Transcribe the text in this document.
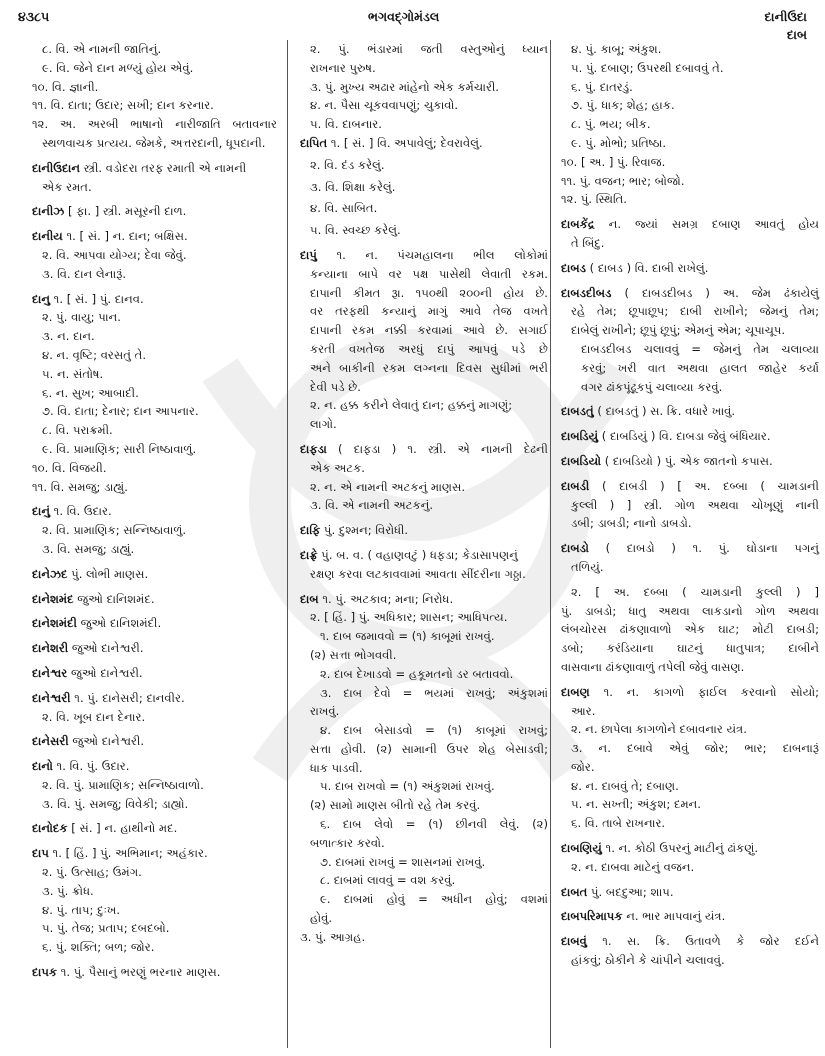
૪૩૮૫	ભગવદ્ગોમંડલ	દાનીઉદા
દાબ
૮. વિ. એ નામની જાતિનું.
૯. વિ. જેને દાન મળ્યું હોય એવું.
૧૦. વિ. જ્ઞાની.
૧૧. વિ. દાતા; ઉદાર; સખી; દાન કરનાર.
૧૨. અ. અરબી ભાષાનો નારીજાતિ બતાવનાર
સ્થળવાચક પ્રત્યય. જેમકે, અત્તરદાની, ધૂપદાની.
દાનીઉદાન સ્ત્રી. વડોદરા તરફ રમાતી એ નામની
એક રમત.
દાનીઝ [ ફા. ] સ્ત્રી. મસૂરની દાળ.
દાનીય ૧. [ સં. ] ન. દાન; બક્ષિસ.
૨. વિ. આપવા યોગ્ય; દેવા જેવું.
૩. વિ. દાન લેનારૂં.
દાનુ ૧. [ સં. ] પું. દાનવ.
૨. પું. વાયુ; પાન.
૩. ન. દાન.
૪. ન. વૃષ્ટિ; વરસતું તે.
૫. ન. સંતોષ.
૬. ન. સુખ; આબાદી.
૭. વિ. દાતા; દેનાર; દાન આપનાર.
૮. વિ. પરાક્રમી.
૯. વિ. પ્રામાણિક; સારી નિષ્ઠાવાળું.
૧૦. વિ. વિજયી.
૧૧. વિ. સમજુ; ડાહ્યું.
દાનું ૧. વિ. ઉદાર.
૨. વિ. પ્રામાણિક; સન્નિષ્ઠાવાળું.
૩. વિ. સમજુ; ડાહ્યું.
દાનેઝદ પું. લોભી માણસ.
દાનેશમંદ જુઓ દાનિશમંદ.
દાનેશમંદી જુઓ દાનિશમંદી.
દાનેશરી જુઓ દાનેશ્વરી.
દાનેશ્વર જુઓ દાનેશ્વરી.
દાનેશ્વરી ૧. પું. દાનેસરી; દાનવીર.
૨. વિ. ખૂબ દાન દેનાર.
દાનેસરી જુઓ દાનેશ્વરી.
દાનો ૧. વિ. પું. ઉદાર.
૨. વિ. પું. પ્રામાણિક; સન્નિષ્ઠાવાળો.
૩. વિ. પું. સમજુ; વિવેકી; ડાહ્યો.
દાનોદક [ સં. ] ન. હાથીનો મદ.
દાપ ૧. [ હિં. ] પું. અભિમાન; અહંકાર.
૨. પું. ઉત્સાહ; ઉમંગ.
૩. પું. ક્રોધ.
૪. પું. તાપ; દુઃખ.
૫. પું. તેજ; પ્રતાપ; દબદબો.
૬. પું. શક્તિ; બળ; જોર.
દાપક ૧. પું. પૈસાનું ભરણું ભરનાર માણસ.
૨. પું. ભંડારમાં જતી વસ્તુઓનું ધ્યાન
રાખનાર પુરુષ.
૩. પું. મુખ્ય અઢાર માંહેનો એક કર્મચારી.
૪. ન. પૈસા ચૂકવવાપણું; ચુકાવો.
૫. વિ. દાબનાર.
દાપિત ૧. [ સં. ] વિ. અપાવેલું; દેવરાવેલું.
૨. વિ. દંડ કરેલું.
૩. વિ. શિક્ષા કરેલું.
૪. વિ. સાબિત.
૫. વિ. સ્વચ્છ કરેલું.
દાપું ૧. ન. પંચમહાલના ભીલ લોકોમાં
કન્યાના બાપે વર પક્ષ પાસેથી લેવાતી રકમ.
દાપાની કીમત રૂા. ૧૫૦થી ૨૦૦ની હોય છે.
વર તરફથી કન્યાનું માગું આવે તેજ વખતે
દાપાની રકમ નક્કી કરવામાં આવે છે. સગાઈ
કરતી વખતેજ અરધું દાપું આપવું પડે છે
અને બાકીની રકમ લગ્નના દિવસ સુધીમાં ભરી
દેવી પડે છે.
૨. ન. હક્ક કરીને લેવાતું દાન; હક્કનું માગણું;
લાગો.
દાફડા ( દાફડા ) ૧. સ્ત્રી. એ નામની દેઢની
એક અટક.
૨. ન. એ નામની અટકનું માણસ.
૩. વિ. એ નામની અટકનું.
દાફિ પું. દુશ્મન; વિરોધી.
દાફ્રે પું. બ. વ. ( વહાણવટું ) ધફડા; કેડાસાપણનું
રક્ષણ કરવા લટકાવવામાં આવતા સીંદરીના ગઠ્ઠા.
દાબ ૧. પું. અટકાવ; મના; નિરોધ.
૨. [ હિં. ] પું. અધિકાર; શાસન; આધિપત્ય.
૧. દાબ જમાવવો = (૧) કાબૂમાં રાખવું.
(૨) સત્તા ભોગવવી.
૨. દાબ દેખાડવો = હકૂમતનો ડર બતાવવો.
૩. દાબ દેવો = ભયમાં રાખવું; અંકુશમાં
રાખવું.
૪. દાબ બેસાડવો = (૧) કાબૂમાં રાખવું;
સત્તા હોવી. (૨) સામાની ઉપર શેહ બેસાડવી;
ધાક પાડવી.
૫. દાબ રાખવો = (૧) અંકુશમાં રાખવું.
(૨) સામો માણસ બીતો રહે તેમ કરવું.
૬. દાબ લેવો = (૧) છીનવી લેવું. (૨)
બળાત્કાર કરવો.
૭. દાબમાં રાખવું = શાસનમાં રાખવું.
૮. દાબમાં લાવવું = વશ કરવું.
૯. દાબમાં હોવું = અધીન હોવું; વશમાં
હોવું.
૩. પું. આગ્રહ.
૪. પું. કાબૂ; અંકુશ.
૫. પું. દબાણ; ઉપરથી દબાવવું તે.
૬. પું. દાતરડું.
૭. પું. ધાક; શેહ; હાક.
૮. પું. ભય; બીક.
૯. પું. મોભો; પ્રતિષ્ઠા.
૧૦. [ અ. ] પું. રિવાજ.
૧૧. પું. વજન; ભાર; બોજો.
૧૨. પું. સ્થિતિ.
દાબકેંદ્ર ન. જ્યાં સમગ્ર દબાણ આવતું હોય
તે બિંદુ.
દાબડ ( દાબડ ) વિ. દાબી રાખેલું.
દાબડદીબડ ( દાબડદીબડ ) અ. જેમ ઢંકાયેલું
રહે તેમ; છૂપાછૂપ; દાબી રાખીને; જેમનું તેમ;
દાબેલું રાખીને; છૂપું છૂપું; એમનું એમ; ચૂપાચૂપ.
દાબડદીબડ ચલાવવું = જેમનું તેમ ચલાવ્યા
કરવું; ખરી વાત અથવા હાલત જાહેર કર્યા
વગર ઢાંકપૂંઢૂકપું ચલાવ્યા કરવું.
દાબડતું ( દાબડતું ) સ. ક્રિ. વધારે ખાવું.
દાબડિયું ( દાબડિયું ) વિ. દાબડા જેવું બંધિયાર.
દાબડિયો ( દાબડિયો ) પું. એક જાતનો કપાસ.
દાબડી ( દાબડી ) [ અ. દબ્બા ( ચામડાની
કુલ્લી ) ] સ્ત્રી. ગોળ અથવા ચોખૂણું નાની
ડબી; ડાબડી; નાનો ડાબડો.
દાબડો ( દાબડો ) ૧. પું. ઘોડાના પગનું
તળિયું.
૨. [ અ. દબ્બા ( ચામડાની કુલ્લી ) ]
પું. ડાબડો; ધાતુ અથવા લાકડાનો ગોળ અથવા
લંબચોરસ ઢાંકણાવાળો એક ઘાટ; મોટી દાબડી;
ડબો; કરંડિયાના ઘાટનું ધાતુપાત્ર; દાબીને
વાસવાના ઢાંકણાવાળું તપેલી જેવું વાસણ.
દાબણ ૧. ન. કાગળો ફાઈલ કરવાનો સોયો;
આર.
૨. ન. છાપેલા કાગળોને દબાવનાર યંત્ર.
૩. ન. દબાવે એવું જોર; ભાર; દાબનારૂં
જોર.
૪. ન. દાબવું તે; દબાણ.
૫. ન. સખ્તી; અંકુશ; દમન.
૬. વિ. તાબે રાખનાર.
દાબણિયું ૧. ન. કોઠી ઉપરનું માટીનું ઢાંકણું.
૨. ન. દાબવા માટેનું વજન.
દાબત પું. બદદુઆ; શાપ.
દાબપરિમાપક ન. ભાર માપવાનું યંત્ર.
દાબવું ૧. સ. ક્રિ. ઉતાવળે કે જોર દઈને
હાંકવું; ઠોકીને કે ચાંપીને ચલાવવું.
